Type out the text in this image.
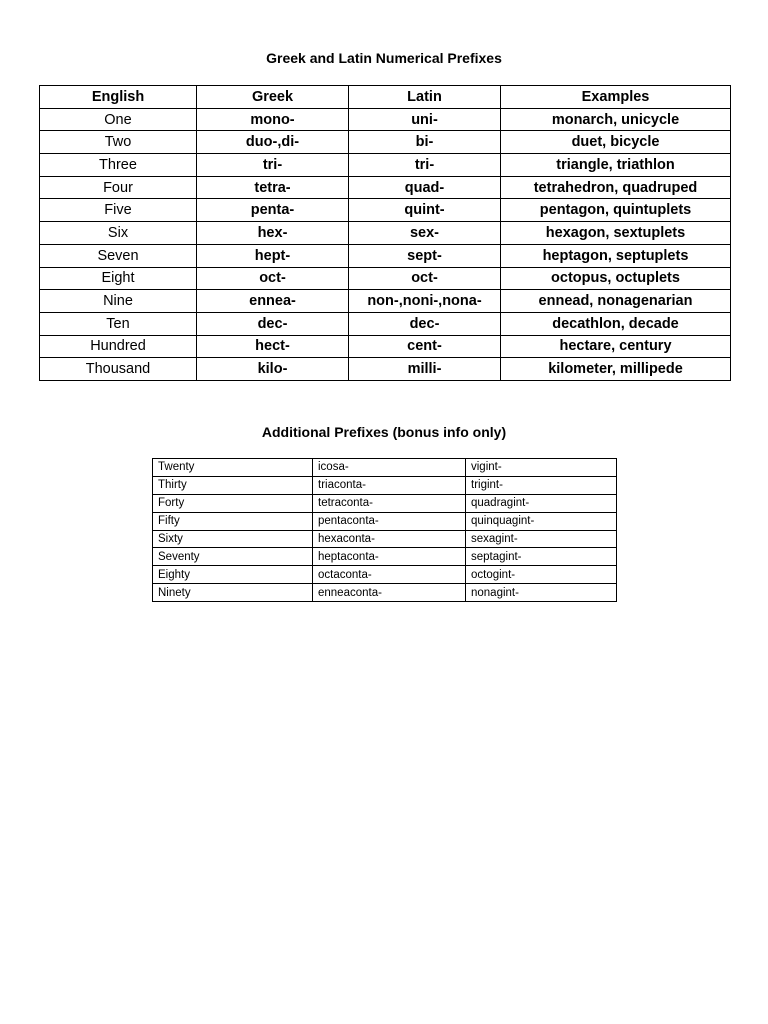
Greek and Latin Numerical Prefixes
English	Greek	Latin	Examples
One	mono-	uni-	monarch, unicycle
Two	duo-,di-	bi-	duet, bicycle
Three	tri-	tri-	triangle, triathlon
Four	tetra-	quad-	tetrahedron, quadruped
Five	penta-	quint-	pentagon, quintuplets
Six	hex-	sex-	hexagon, sextuplets
Seven	hept-	sept-	heptagon, septuplets
Eight	oct-	oct-	octopus, octuplets
Nine	ennea-	non-,noni-,nona-	ennead, nonagenarian
Ten	dec-	dec-	decathlon, decade
Hundred	hect-	cent-	hectare, century
Thousand	kilo-	milli-	kilometer, millipede
Additional Prefixes (bonus info only)
Twenty	icosa-	vigint-
Thirty	triaconta-	trigint-
Forty	tetraconta-	quadragint-
Fifty	pentaconta-	quinquagint-
Sixty	hexaconta-	sexagint-
Seventy	heptaconta-	septagint-
Eighty	octaconta-	octogint-
Ninety	enneaconta-	nonagint-
